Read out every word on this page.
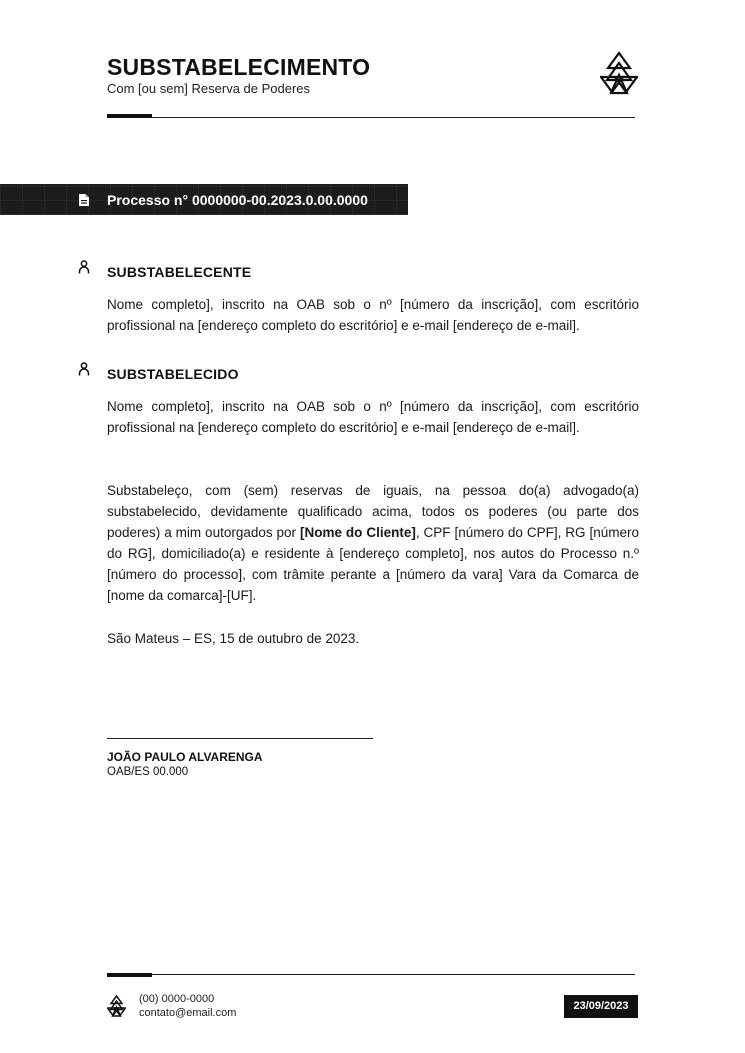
SUBSTABELECIMENTO
Com [ou sem] Reserva de Poderes
Processo n° 0000000-00.2023.0.00.0000
SUBSTABELECENTE

Nome completo], inscrito na OAB sob o nº [número da inscrição], com escritório profissional na [endereço completo do escritório] e e-mail [endereço de e-mail].

SUBSTABELECIDO

Nome completo], inscrito na OAB sob o nº [número da inscrição], com escritório profissional na [endereço completo do escritório] e e-mail [endereço de e-mail].

Substabeleço, com (sem) reservas de iguais, na pessoa do(a) advogado(a) substabelecido, devidamente qualificado acima, todos os poderes (ou parte dos poderes) a mim outorgados por [Nome do Cliente], CPF [número do CPF], RG [número do RG], domiciliado(a) e residente à [endereço completo], nos autos do Processo n.º [número do processo], com trâmite perante a [número da vara] Vara da Comarca de [nome da comarca]-[UF].

São Mateus – ES, 15 de outubro de 2023.

JOÃO PAULO ALVARENGA
OAB/ES 00.000
(00) 0000-0000
contato@email.com
23/09/2023
